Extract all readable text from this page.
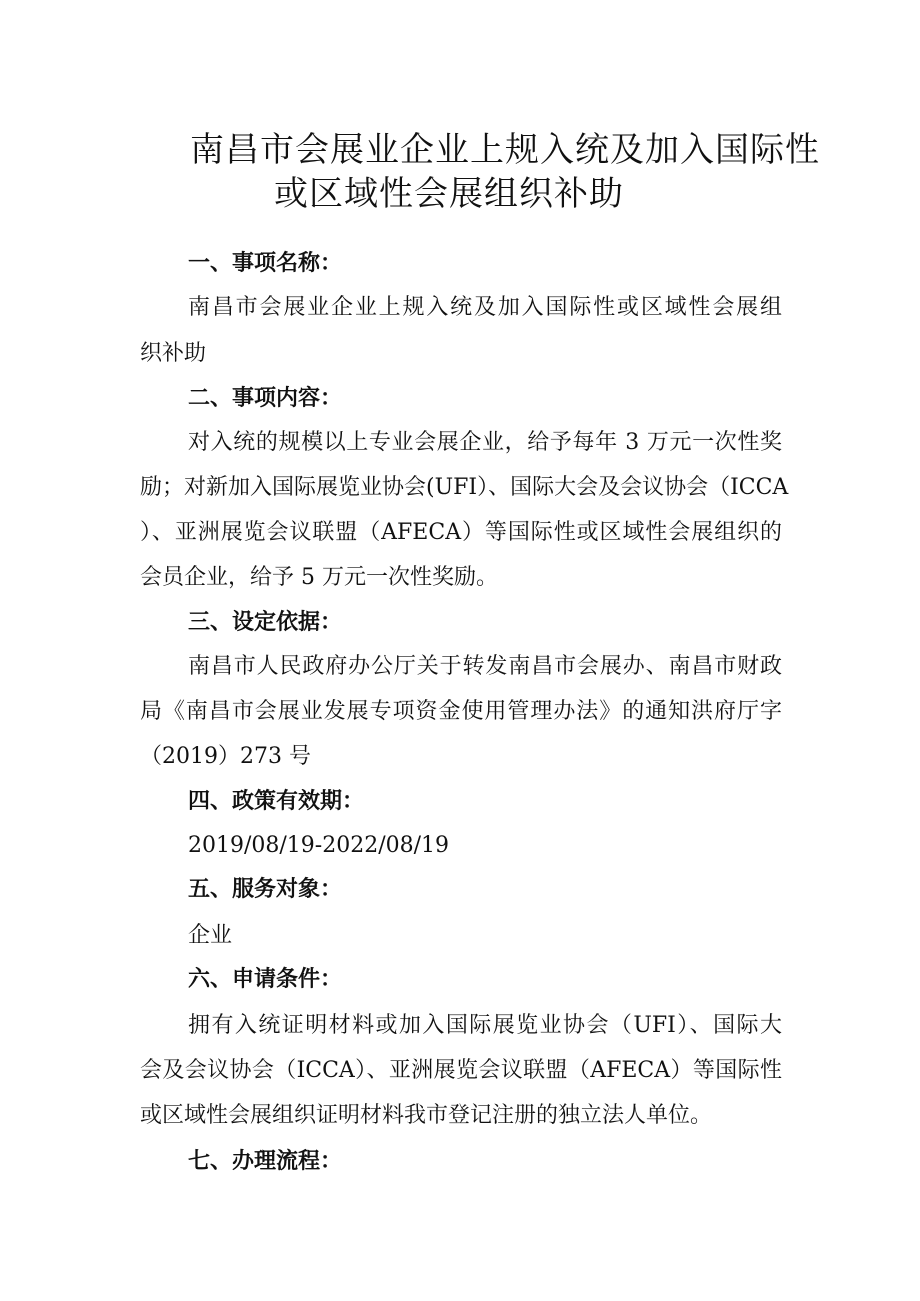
南昌市会展业企业上规入统及加入国际性
或区域性会展组织补助
一、事项名称：
南昌市会展业企业上规入统及加入国际性或区域性会展组
织补助
二、事项内容：
对入统的规模以上专业会展企业，给予每年 3 万元一次性奖
励；对新加入国际展览业协会(UFI）、国际大会及会议协会（ICCA
）、亚洲展览会议联盟（AFECA）等国际性或区域性会展组织的
会员企业，给予 5 万元一次性奖励。
三、设定依据：
南昌市人民政府办公厅关于转发南昌市会展办、南昌市财政
局《南昌市会展业发展专项资金使用管理办法》的通知洪府厅字
（2019）273 号
四、政策有效期：
2019/08/19-2022/08/19
五、服务对象：
企业
六、申请条件：
拥有入统证明材料或加入国际展览业协会（UFI）、国际大
会及会议协会（ICCA）、亚洲展览会议联盟（AFECA）等国际性
或区域性会展组织证明材料我市登记注册的独立法人单位。
七、办理流程：
